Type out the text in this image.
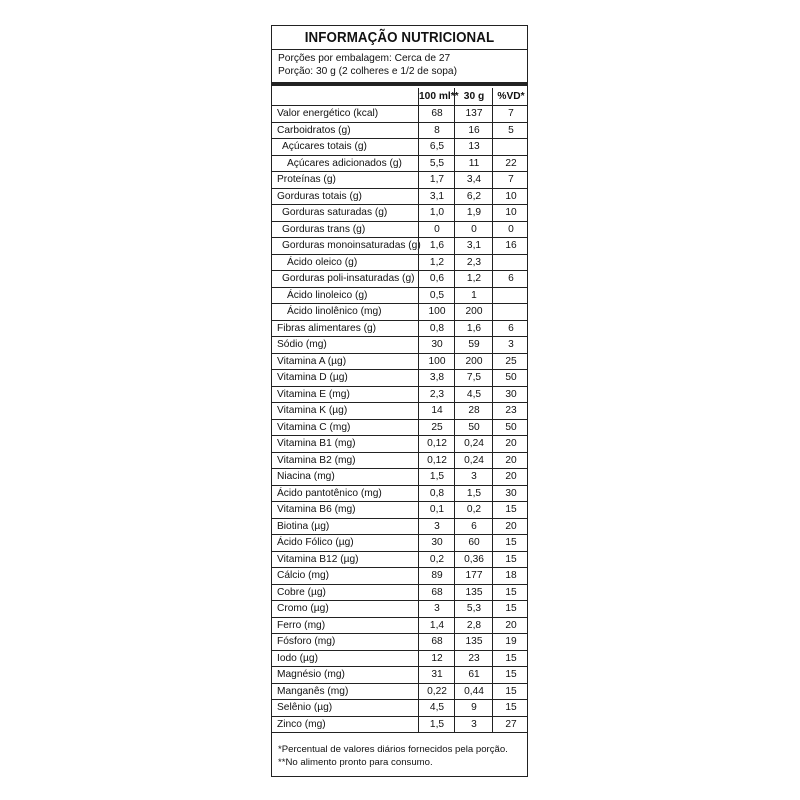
INFORMAÇÃO NUTRICIONAL
Porções por embalagem: Cerca de 27
Porção: 30 g (2 colheres e 1/2 de sopa)
100 ml** 30 g	%VD*
Valor energético (kcal)	68	137	7
Carboidratos (g)	8	16	5
Açúcares totais (g)	6,5	13
Açúcares adicionados (g)	5,5	11	22
Proteínas (g)	1,7	3,4	7
Gorduras totais (g)	3,1	6,2	10
Gorduras saturadas (g)	1,0	1,9	10
Gorduras trans (g)	0	0	0
Gorduras monoinsaturadas (g) 1,6	3,1	16
Ácido oleico (g)	1,2	2,3
Gorduras poli-insaturadas (g)	0,6	1,2	6
Ácido linoleico (g)	0,5	1
Ácido linolênico (mg)	100	200
Fibras alimentares (g)	0,8	1,6	6
Sódio (mg)	30	59	3
Vitamina A (µg)	100	200	25
Vitamina D (µg)	3,8	7,5	50
Vitamina E (mg)	2,3	4,5	30
Vitamina K (µg)	14	28	23
Vitamina C (mg)	25	50	50
Vitamina B1 (mg)	0,12	0,24	20
Vitamina B2 (mg)	0,12	0,24	20
Niacina (mg)	1,5	3	20
Ácido pantotênico (mg)	0,8	1,5	30
Vitamina B6 (mg)	0,1	0,2	15
Biotina (µg)	3	6	20
Ácido Fólico (µg)	30	60	15
Vitamina B12 (µg)	0,2	0,36	15
Cálcio (mg)	89	177	18
Cobre (µg)	68	135	15
Cromo (µg)	3	5,3	15
Ferro (mg)	1,4	2,8	20
Fósforo (mg)	68	135	19
Iodo (µg)	12	23	15
Magnésio (mg)	31	61	15
Manganês (mg)	0,22	0,44	15
Selênio (µg)	4,5	9	15
Zinco (mg)	1,5	3	27
*Percentual de valores diários fornecidos pela porção.
**No alimento pronto para consumo.
